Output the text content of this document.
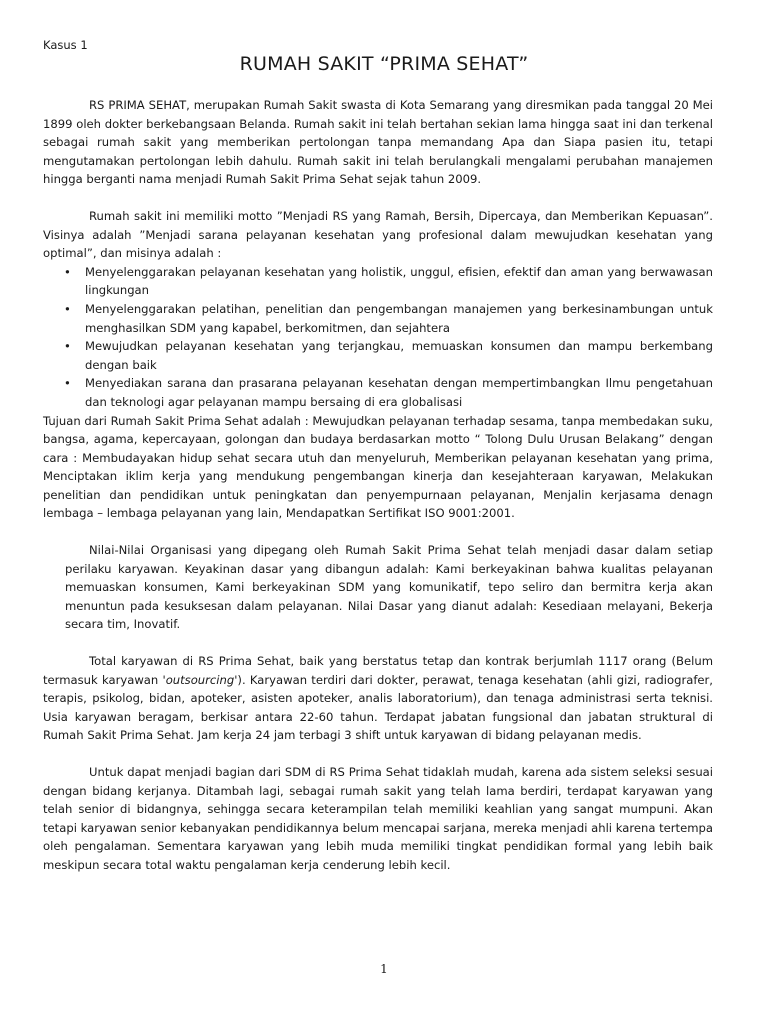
Kasus 1
RUMAH SAKIT “PRIMA SEHAT”

RS PRIMA SEHAT, merupakan Rumah Sakit swasta di Kota Semarang yang diresmikan pada tanggal 20 Mei 1899 oleh dokter berkebangsaan Belanda. Rumah sakit ini telah bertahan sekian lama hingga saat ini dan terkenal sebagai rumah sakit yang memberikan pertolongan tanpa memandang Apa dan Siapa pasien itu, tetapi mengutamakan pertolongan lebih dahulu. Rumah sakit ini telah berulangkali mengalami perubahan manajemen hingga berganti nama menjadi Rumah Sakit Prima Sehat sejak tahun 2009.

Rumah sakit ini memiliki motto ”Menjadi RS yang Ramah, Bersih, Dipercaya, dan Memberikan Kepuasan”. Visinya adalah ”Menjadi sarana pelayanan kesehatan yang profesional dalam mewujudkan kesehatan yang optimal”, dan misinya adalah :

• Menyelenggarakan pelayanan kesehatan yang holistik, unggul, efisien, efektif dan aman yang berwawasan lingkungan
• Menyelenggarakan pelatihan, penelitian dan pengembangan manajemen yang berkesinambungan untuk menghasilkan SDM yang kapabel, berkomitmen, dan sejahtera
• Mewujudkan pelayanan kesehatan yang terjangkau, memuaskan konsumen dan mampu berkembang dengan baik
• Menyediakan sarana dan prasarana pelayanan kesehatan dengan mempertimbangkan Ilmu pengetahuan dan teknologi agar pelayanan mampu bersaing di era globalisasi

Tujuan dari Rumah Sakit Prima Sehat adalah : Mewujudkan pelayanan terhadap sesama, tanpa membedakan suku, bangsa, agama, kepercayaan, golongan dan budaya berdasarkan motto “ Tolong Dulu Urusan Belakang” dengan cara : Membudayakan hidup sehat secara utuh dan menyeluruh, Memberikan pelayanan kesehatan yang prima, Menciptakan iklim kerja yang mendukung pengembangan kinerja dan kesejahteraan karyawan, Melakukan penelitian dan pendidikan untuk peningkatan dan penyempurnaan pelayanan, Menjalin kerjasama denagn lembaga – lembaga pelayanan yang lain, Mendapatkan Sertifikat ISO 9001:2001.

Nilai-Nilai Organisasi yang dipegang oleh Rumah Sakit Prima Sehat telah menjadi dasar dalam setiap perilaku karyawan. Keyakinan dasar yang dibangun adalah: Kami berkeyakinan bahwa kualitas pelayanan memuaskan konsumen, Kami berkeyakinan SDM yang komunikatif, tepo seliro dan bermitra kerja akan menuntun pada kesuksesan dalam pelayanan. Nilai Dasar yang dianut adalah: Kesediaan melayani, Bekerja secara tim, Inovatif.

Total karyawan di RS Prima Sehat, baik yang berstatus tetap dan kontrak berjumlah 1117 orang (Belum termasuk karyawan 'outsourcing'). Karyawan terdiri dari dokter, perawat, tenaga kesehatan (ahli gizi, radiografer, terapis, psikolog, bidan, apoteker, asisten apoteker, analis laboratorium), dan tenaga administrasi serta teknisi. Usia karyawan beragam, berkisar antara 22-60 tahun. Terdapat jabatan fungsional dan jabatan struktural di Rumah Sakit Prima Sehat. Jam kerja 24 jam terbagi 3 shift untuk karyawan di bidang pelayanan medis.

Untuk dapat menjadi bagian dari SDM di RS Prima Sehat tidaklah mudah, karena ada sistem seleksi sesuai dengan bidang kerjanya. Ditambah lagi, sebagai rumah sakit yang telah lama berdiri, terdapat karyawan yang telah senior di bidangnya, sehingga secara keterampilan telah memiliki keahlian yang sangat mumpuni. Akan tetapi karyawan senior kebanyakan pendidikannya belum mencapai sarjana, mereka menjadi ahli karena tertempa oleh pengalaman. Sementara karyawan yang lebih muda memiliki tingkat pendidikan formal yang lebih baik meskipun secara total waktu pengalaman kerja cenderung lebih kecil.

1
